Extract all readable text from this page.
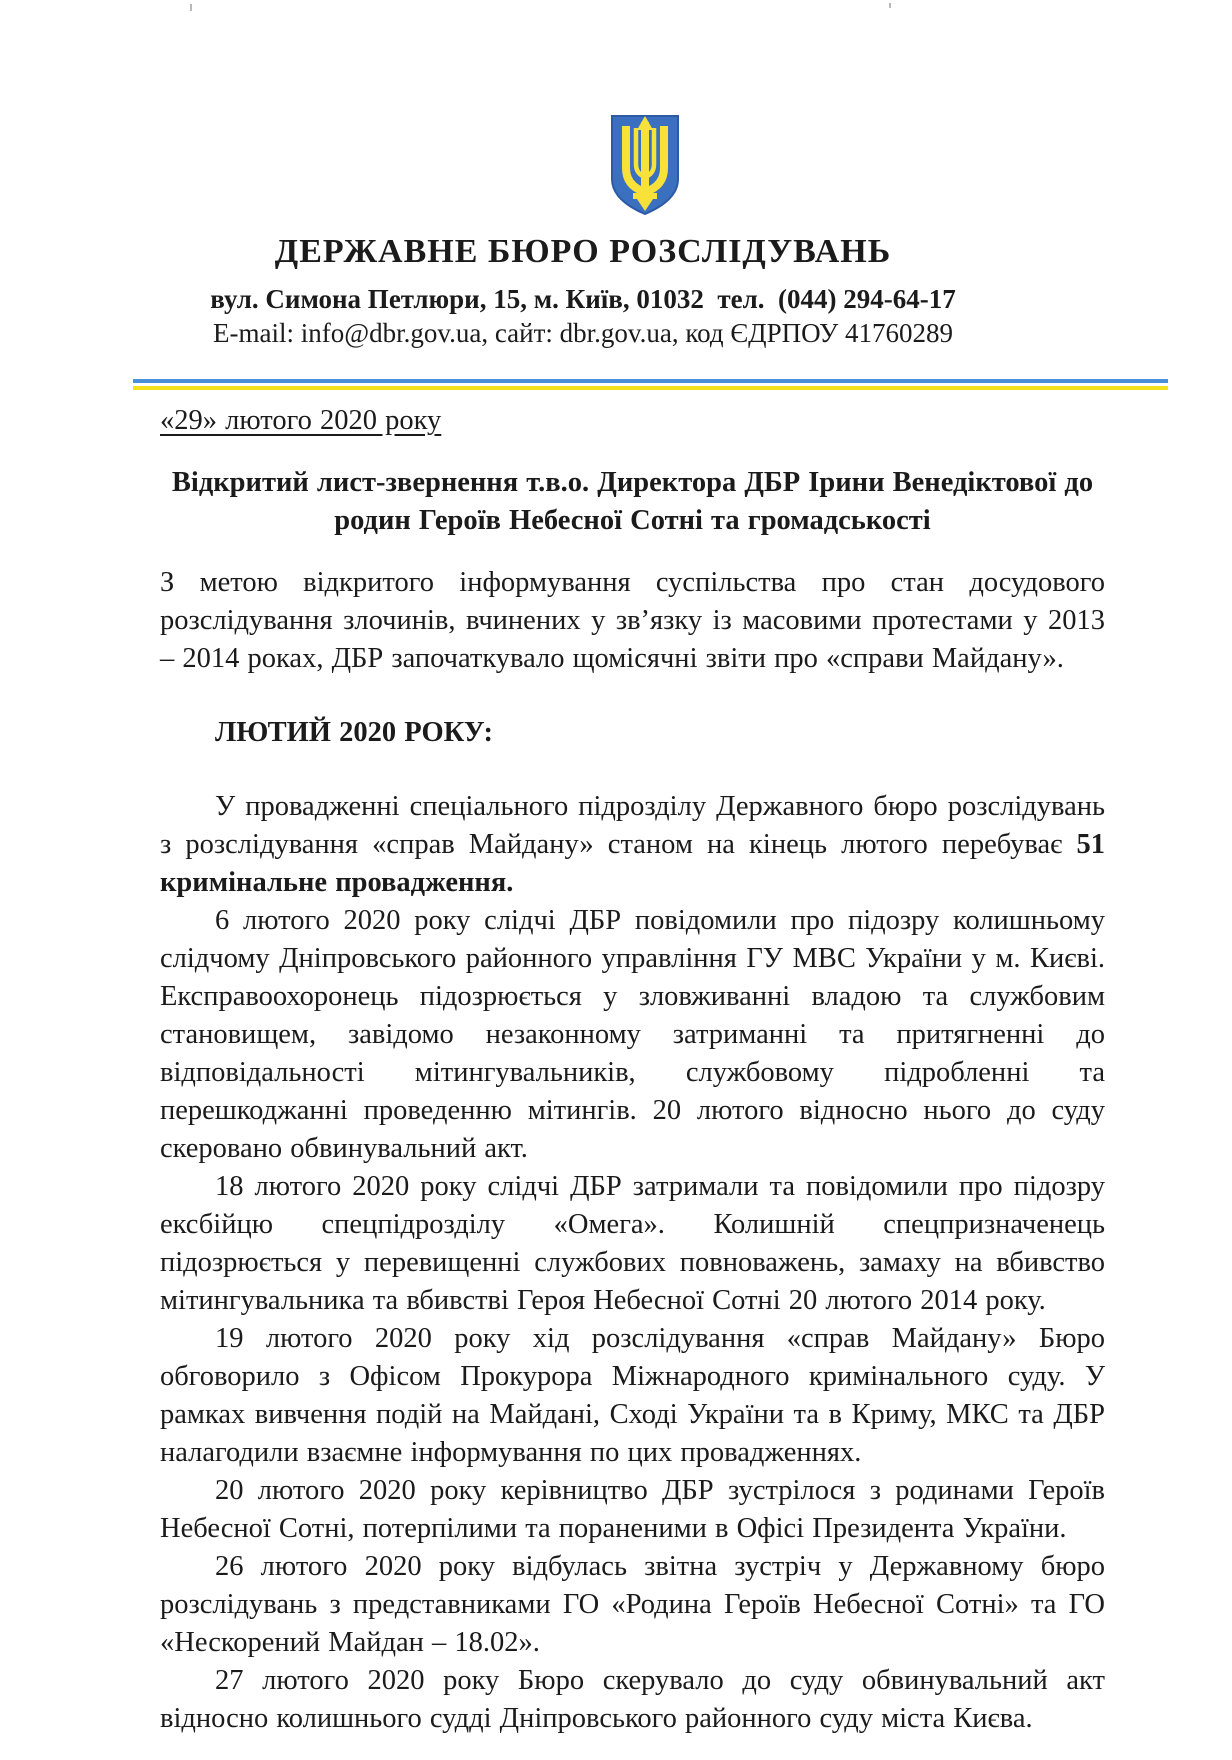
ДЕРЖАВНЕ БЮРО РОЗСЛІДУВАНЬ
вул. Симона Петлюри, 15, м. Київ, 01032  тел.  (044) 294-64-17
E-mail: info@dbr.gov.ua, сайт: dbr.gov.ua, код ЄДРПОУ 41760289
«29» лютого 2020 року
Відкритий лист-звернення т.в.о. Директора ДБР Ірини Венедіктової до
родин Героїв Небесної Сотні та громадськості

З метою відкритого інформування суспільства про стан досудового розслідування злочинів, вчинених у зв’язку із масовими протестами у 2013 – 2014 роках, ДБР започаткувало щомісячні звіти про «справи Майдану».

ЛЮТИЙ 2020 РОКУ:

У провадженні спеціального підрозділу Державного бюро розслідувань з розслідування «справ Майдану» станом на кінець лютого перебуває 51 кримінальне провадження.

6 лютого 2020 року слідчі ДБР повідомили про підозру колишньому слідчому Дніпровського районного управління ГУ МВС України у м. Києві. Експравоохоронець підозрюється у зловживанні владою та службовим становищем, завідомо незаконному затриманні та притягненні до відповідальності мітингувальників, службовому підробленні та перешкоджанні проведенню мітингів. 20 лютого відносно нього до суду скеровано обвинувальний акт.

18 лютого 2020 року слідчі ДБР затримали та повідомили про підозру ексбійцю спецпідрозділу «Омега». Колишній спецпризначенець підозрюється у перевищенні службових повноважень, замаху на вбивство мітингувальника та вбивстві Героя Небесної Сотні 20 лютого 2014 року.

19 лютого 2020 року хід розслідування «справ Майдану» Бюро обговорило з Офісом Прокурора Міжнародного кримінального суду. У рамках вивчення подій на Майдані, Сході України та в Криму, МКС та ДБР налагодили взаємне інформування по цих провадженнях.

20 лютого 2020 року керівництво ДБР зустрілося з родинами Героїв Небесної Сотні, потерпілими та пораненими в Офісі Президента України.

26 лютого 2020 року відбулась звітна зустріч у Державному бюро розслідувань з представниками ГО «Родина Героїв Небесної Сотні» та ГО «Нескорений Майдан – 18.02».

27 лютого 2020 року Бюро скерувало до суду обвинувальний акт відносно колишнього судді Дніпровського районного суду міста Києва.
